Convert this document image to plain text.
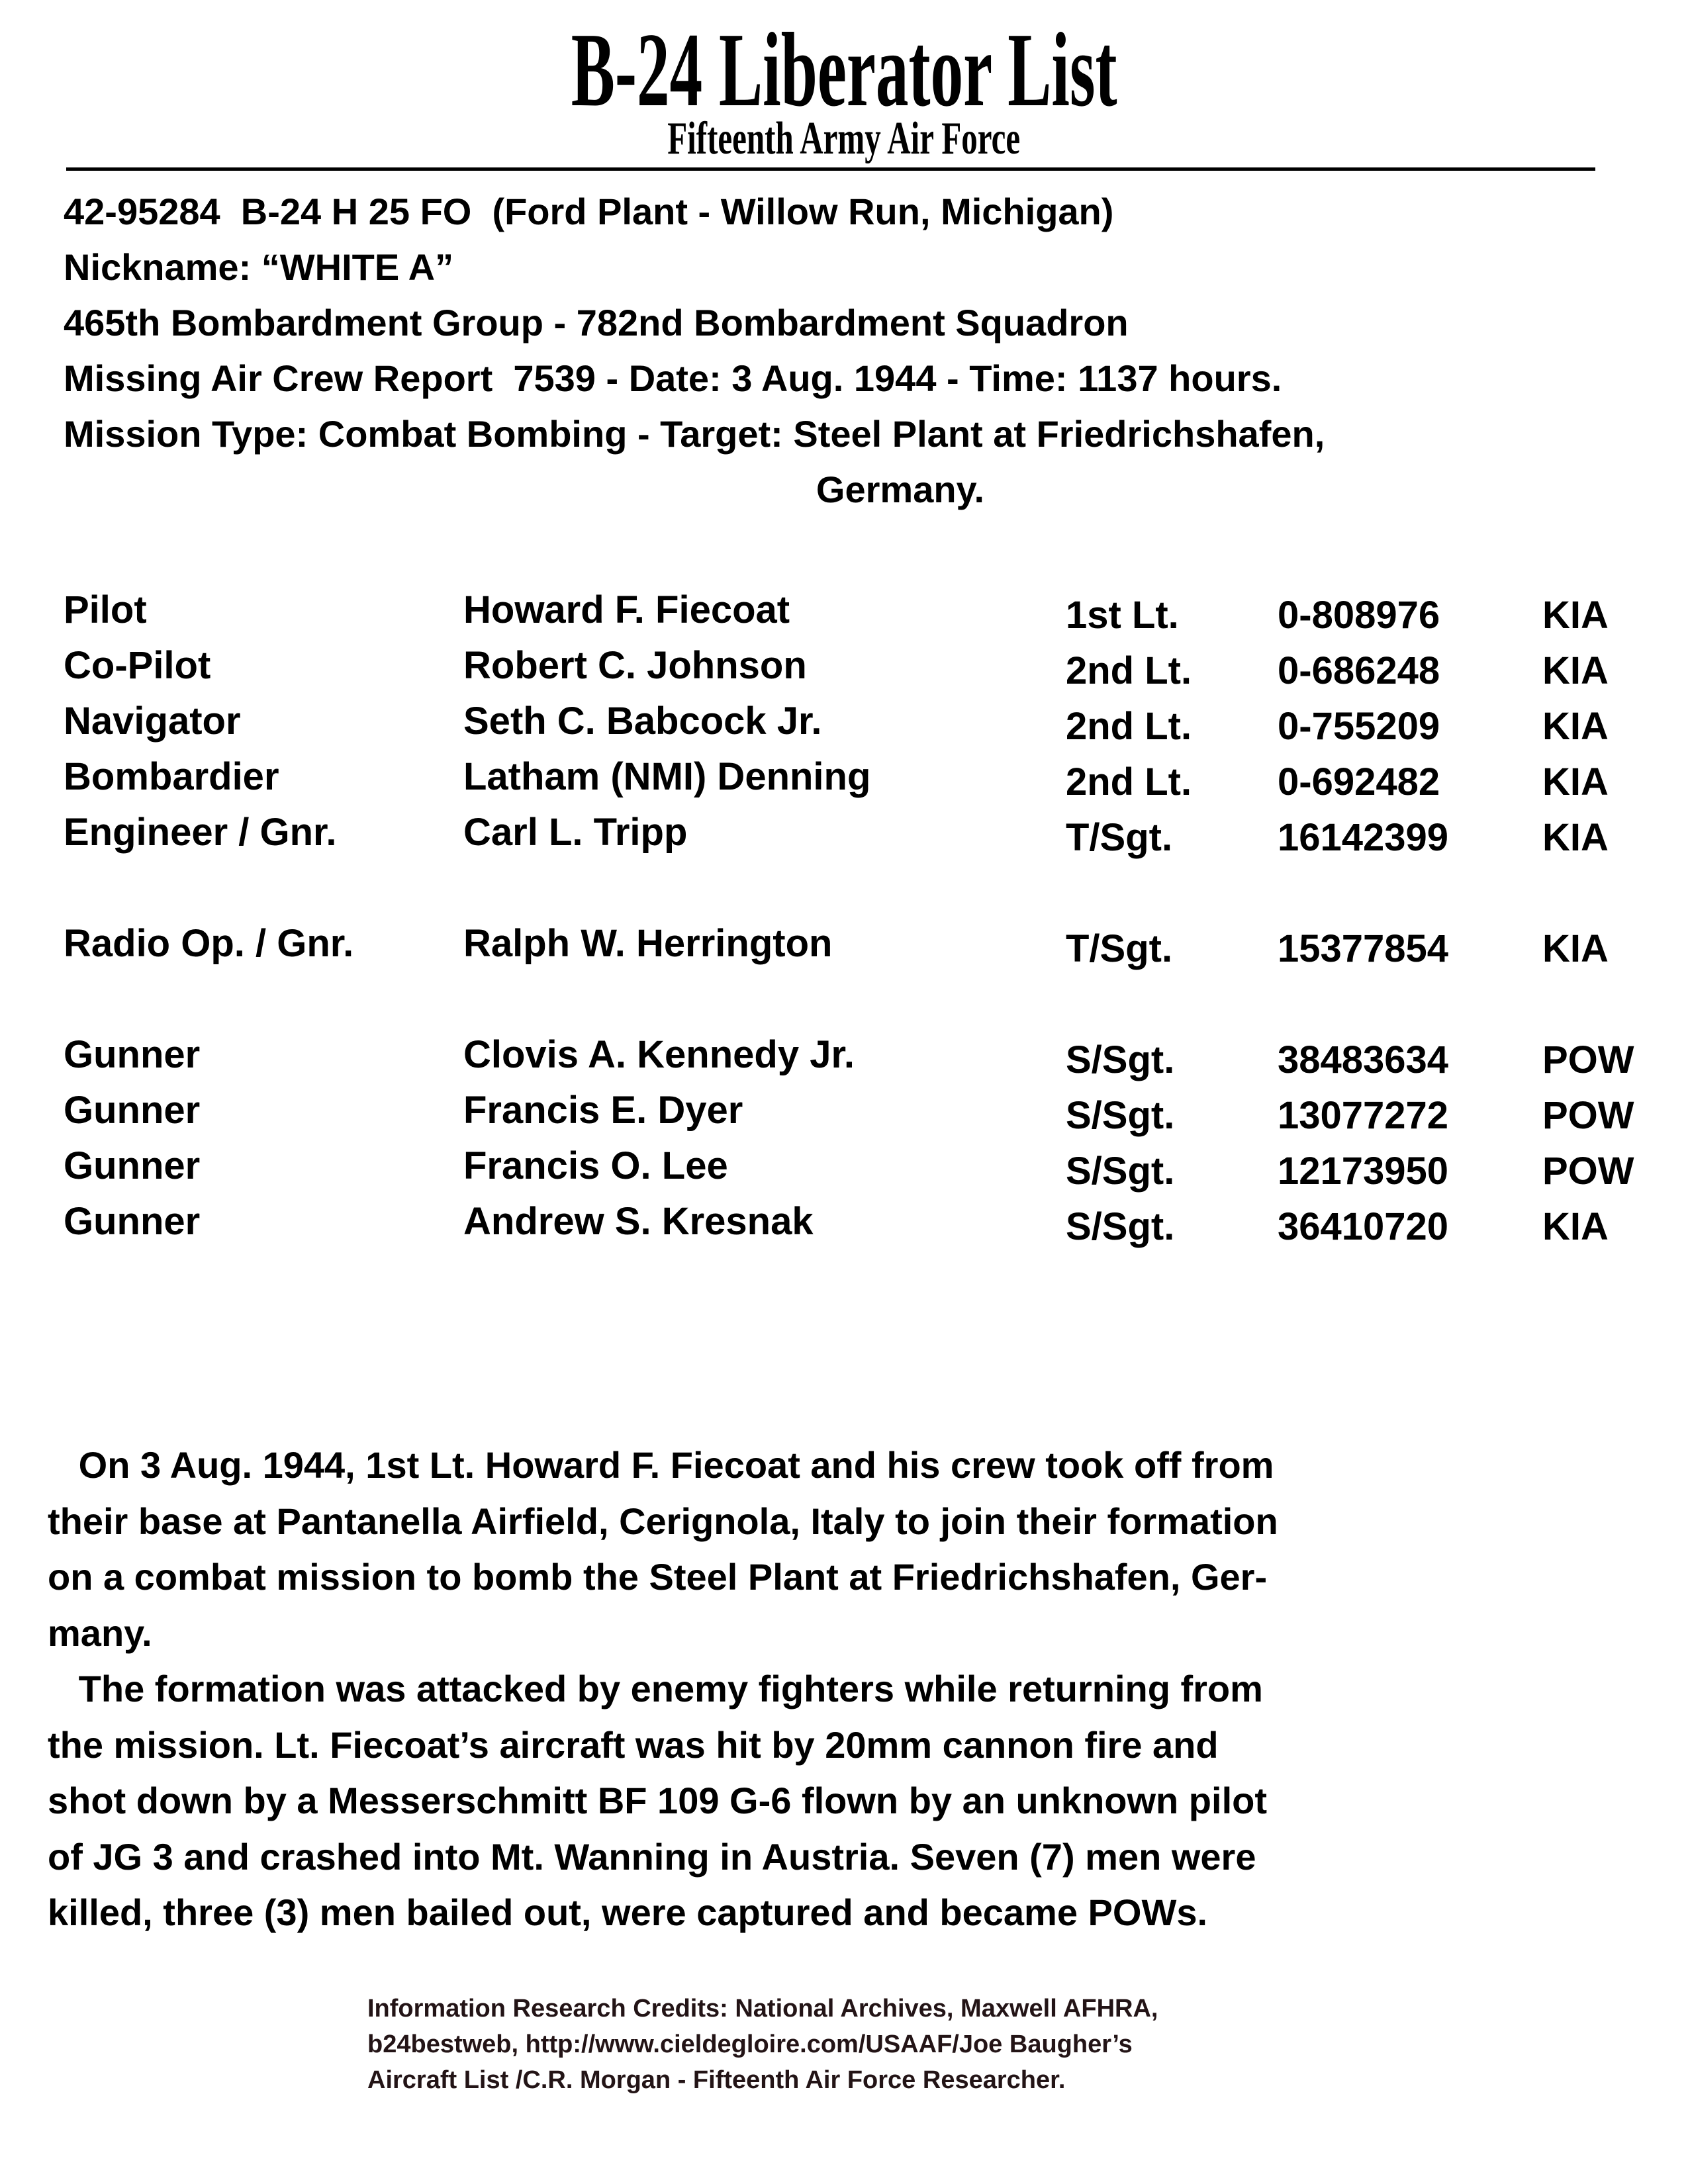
B-24 Liberator List
Fifteenth Army Air Force
42-95284  B-24 H 25 FO  (Ford Plant - Willow Run, Michigan)
Nickname: “WHITE A”
465th Bombardment Group - 782nd Bombardment Squadron
Missing Air Crew Report  7539 - Date: 3 Aug. 1944 - Time: 1137 hours.
Mission Type: Combat Bombing - Target: Steel Plant at Friedrichshafen,
Germany.
Pilot	Howard F. Fiecoat	1st Lt.	0-808976	KIA
Co-Pilot	Robert C. Johnson	2nd Lt. 0-686248	KIA
Navigator	Seth C. Babcock Jr.	2nd Lt. 0-755209	KIA
Bombardier	Latham (NMI) Denning	2nd Lt. 0-692482	KIA
Engineer / Gnr.	Carl L. Tripp	T/Sgt.	16142399 KIA
Radio Op. / Gnr.	Ralph W. Herrington	T/Sgt.	15377854 KIA
Gunner	Clovis A. Kennedy Jr.	S/Sgt.	38483634 POW
Gunner	Francis E. Dyer	S/Sgt.	13077272 POW
Gunner	Francis O. Lee	S/Sgt.	12173950 POW
Gunner	Andrew S. Kresnak	S/Sgt.	36410720 KIA
On 3 Aug. 1944, 1st Lt. Howard F. Fiecoat and his crew took off from
their base at Pantanella Airfield, Cerignola, Italy to join their formation
on a combat mission to bomb the Steel Plant at Friedrichshafen, Ger-
many.
The formation was attacked by enemy fighters while returning from
the mission. Lt. Fiecoat’s aircraft was hit by 20mm cannon fire and
shot down by a Messerschmitt BF 109 G-6 flown by an unknown pilot
of JG 3 and crashed into Mt. Wanning in Austria. Seven (7) men were
killed, three (3) men bailed out, were captured and became POWs.
Information Research Credits: National Archives, Maxwell AFHRA,
b24bestweb, http://www.cieldegloire.com/USAAF/Joe Baugher’s
Aircraft List /C.R. Morgan - Fifteenth Air Force Researcher.
